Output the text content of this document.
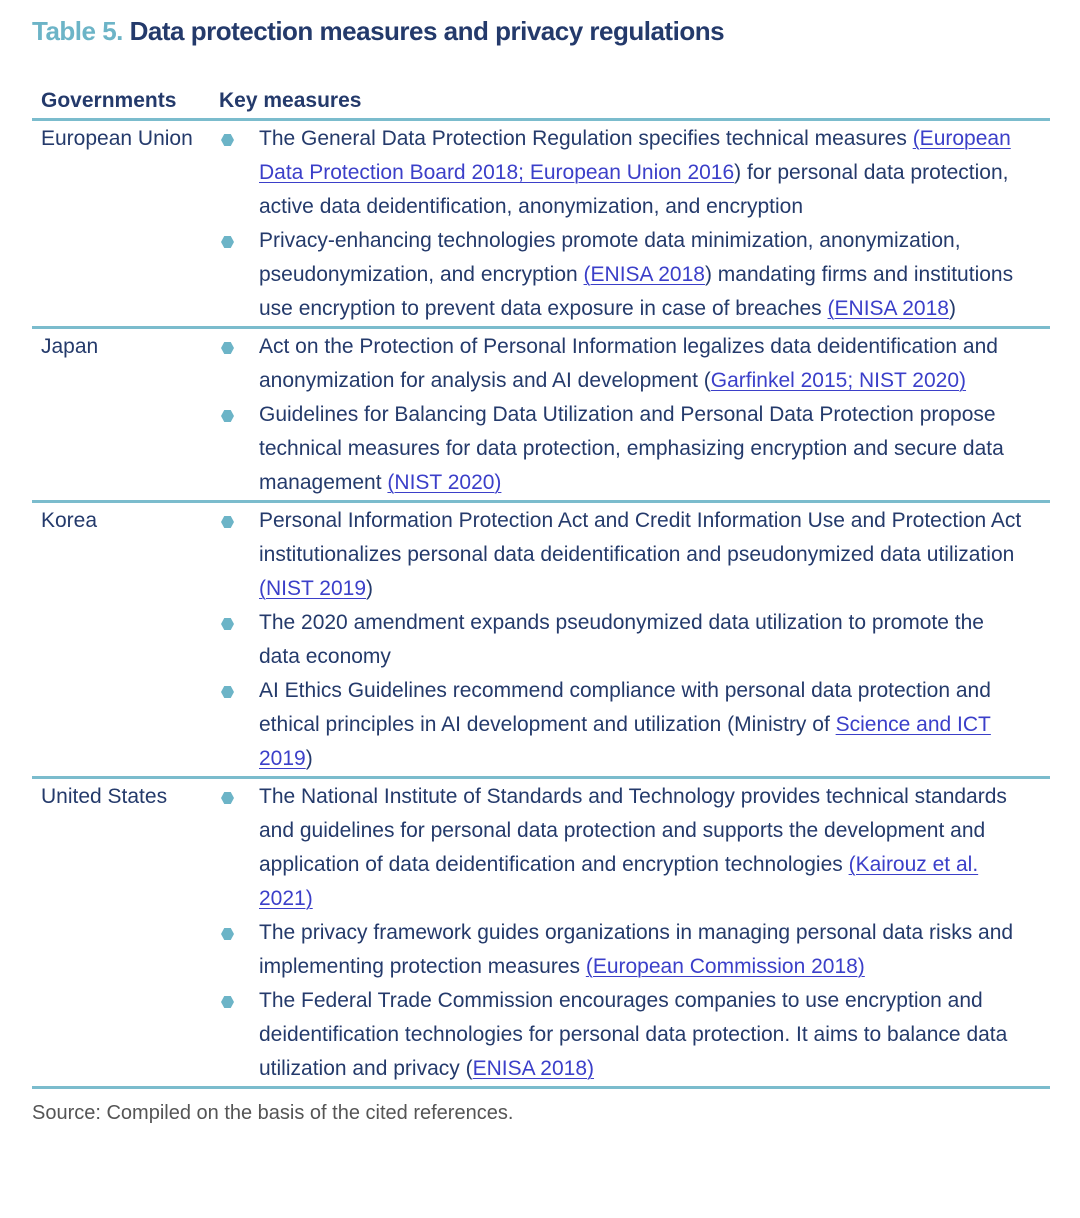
Table 5. Data protection measures and privacy regulations
Governments	Key measures
European Union	The General Data Protection Regulation specifies technical measures (European Data Protection Board 2018; European Union 2016) for personal data protection, active data deidentification, anonymization, and encryption
Privacy-enhancing technologies promote data minimization, anonymization, pseudonymization, and encryption (ENISA 2018) mandating firms and institutions use encryption to prevent data exposure in case of breaches (ENISA 2018)

Japan	Act on the Protection of Personal Information legalizes data deidentification and anonymization for analysis and AI development (Garfinkel 2015; NIST 2020)
Guidelines for Balancing Data Utilization and Personal Data Protection propose technical measures for data protection, emphasizing encryption and secure data management (NIST 2020)

Korea	Personal Information Protection Act and Credit Information Use and Protection Act institutionalizes personal data deidentification and pseudonymized data utilization (NIST 2019)
The 2020 amendment expands pseudonymized data utilization to promote the data economy
AI Ethics Guidelines recommend compliance with personal data protection and ethical principles in AI development and utilization (Ministry of Science and ICT 2019)

United States	The National Institute of Standards and Technology provides technical standards and guidelines for personal data protection and supports the development and application of data deidentification and encryption technologies (Kairouz et al. 2021)
The privacy framework guides organizations in managing personal data risks and implementing protection measures (European Commission 2018)
The Federal Trade Commission encourages companies to use encryption and deidentification technologies for personal data protection. It aims to balance data utilization and privacy (ENISA 2018)
Source: Compiled on the basis of the cited references.
